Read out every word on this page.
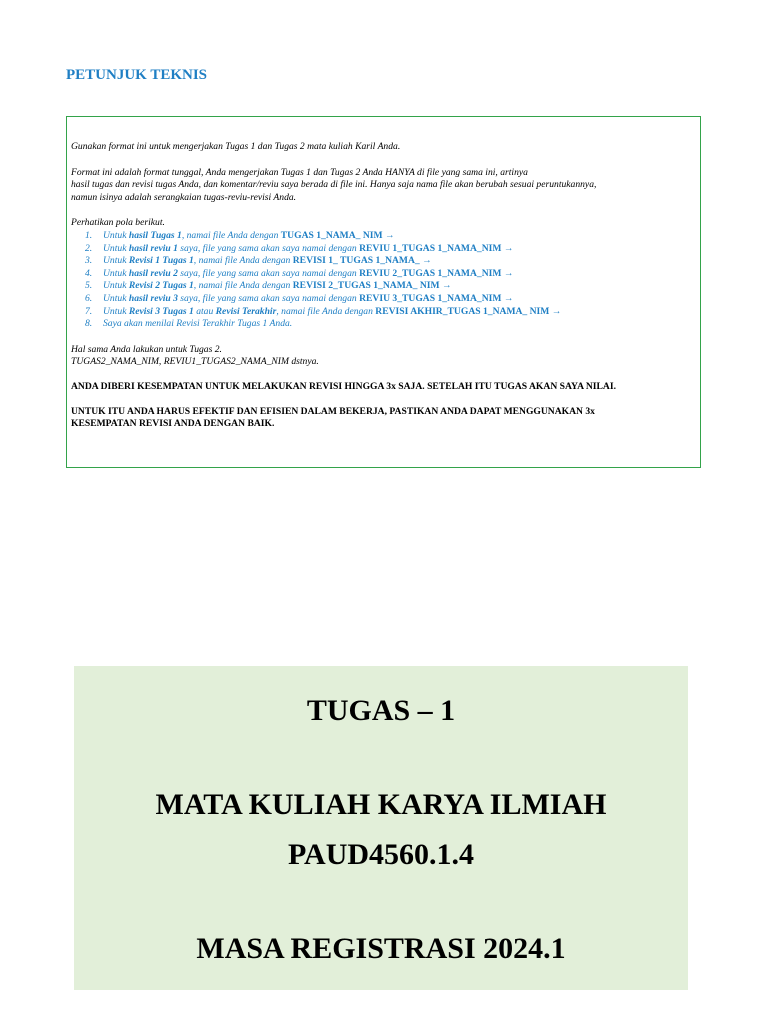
PETUNJUK TEKNIS

Gunakan format ini untuk mengerjakan Tugas 1 dan Tugas 2 mata kuliah Karil Anda.

Format ini adalah format tunggal, Anda mengerjakan Tugas 1 dan Tugas 2 Anda HANYA di file yang sama ini, artinya

hasil tugas dan revisi tugas Anda, dan komentar/reviu saya berada di file ini. Hanya saja nama file akan berubah sesuai peruntukannya,

namun isinya adalah serangkaian tugas-reviu-revisi Anda.

Perhatikan pola berikut.

1. Untuk hasil Tugas 1, namai file Anda dengan TUGAS 1_NAMA_ NIM →
2. Untuk hasil reviu 1 saya, file yang sama akan saya namai dengan REVIU 1_TUGAS 1_NAMA_NIM →
3. Untuk Revisi 1 Tugas 1, namai file Anda dengan REVISI 1_ TUGAS 1_NAMA_ →
4. Untuk hasil reviu 2 saya, file yang sama akan saya namai dengan REVIU 2_TUGAS 1_NAMA_NIM →
5. Untuk Revisi 2 Tugas 1, namai file Anda dengan REVISI 2_TUGAS 1_NAMA_ NIM →
6. Untuk hasil reviu 3 saya, file yang sama akan saya namai dengan REVIU 3_TUGAS 1_NAMA_NIM →
7. Untuk Revisi 3 Tugas 1 atau Revisi Terakhir, namai file Anda dengan REVISI AKHIR_TUGAS 1_NAMA_ NIM →
8. Saya akan menilai Revisi Terakhir Tugas 1 Anda.

Hal sama Anda lakukan untuk Tugas 2.

TUGAS2_NAMA_NIM, REVIU1_TUGAS2_NAMA_NIM dstnya.

ANDA DIBERI KESEMPATAN UNTUK MELAKUKAN REVISI HINGGA 3x SAJA. SETELAH ITU TUGAS AKAN SAYA NILAI.

UNTUK ITU ANDA HARUS EFEKTIF DAN EFISIEN DALAM BEKERJA, PASTIKAN ANDA DAPAT MENGGUNAKAN 3x

KESEMPATAN REVISI ANDA DENGAN BAIK.

TUGAS – 1
MATA KULIAH KARYA ILMIAH
PAUD4560.1.4
MASA REGISTRASI 2024.1
